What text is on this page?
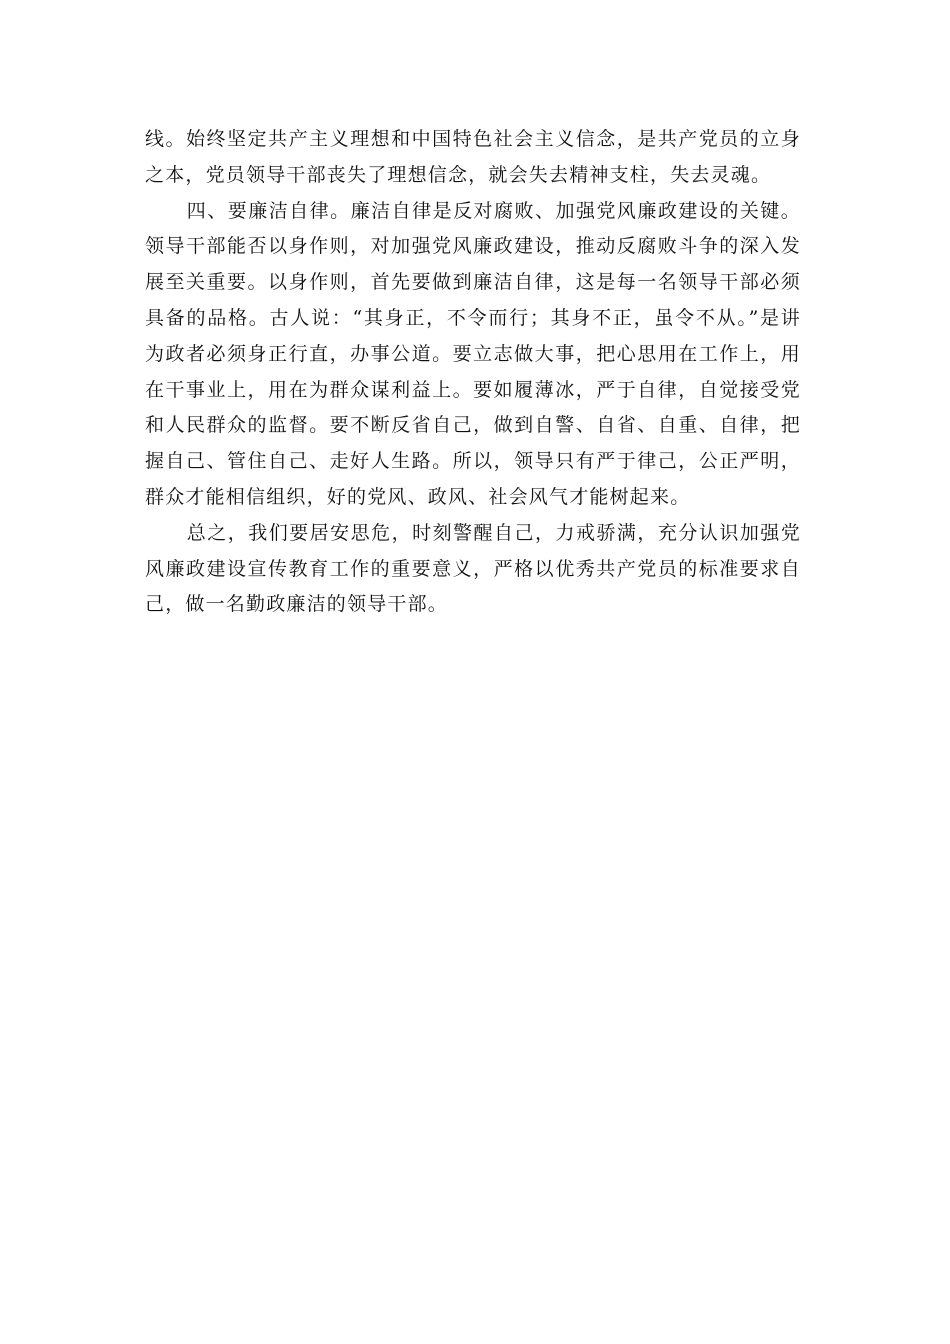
线。始终坚定共产主义理想和中国特色社会主义信念，是共产党员的立身之本，党员领导干部丧失了理想信念，就会失去精神支柱，失去灵魂。

四、要廉洁自律。廉洁自律是反对腐败、加强党风廉政建设的关键。领导干部能否以身作则，对加强党风廉政建设，推动反腐败斗争的深入发展至关重要。以身作则，首先要做到廉洁自律，这是每一名领导干部必须具备的品格。古人说：“其身正，不令而行；其身不正，虽令不从。”是讲为政者必须身正行直，办事公道。要立志做大事，把心思用在工作上，用在干事业上，用在为群众谋利益上。要如履薄冰，严于自律，自觉接受党和人民群众的监督。要不断反省自己，做到自警、自省、自重、自律，把握自己、管住自己、走好人生路。所以，领导只有严于律己，公正严明，群众才能相信组织，好的党风、政风、社会风气才能树起来。

总之，我们要居安思危，时刻警醒自己，力戒骄满，充分认识加强党风廉政建设宣传教育工作的重要意义，严格以优秀共产党员的标准要求自己，做一名勤政廉洁的领导干部。
